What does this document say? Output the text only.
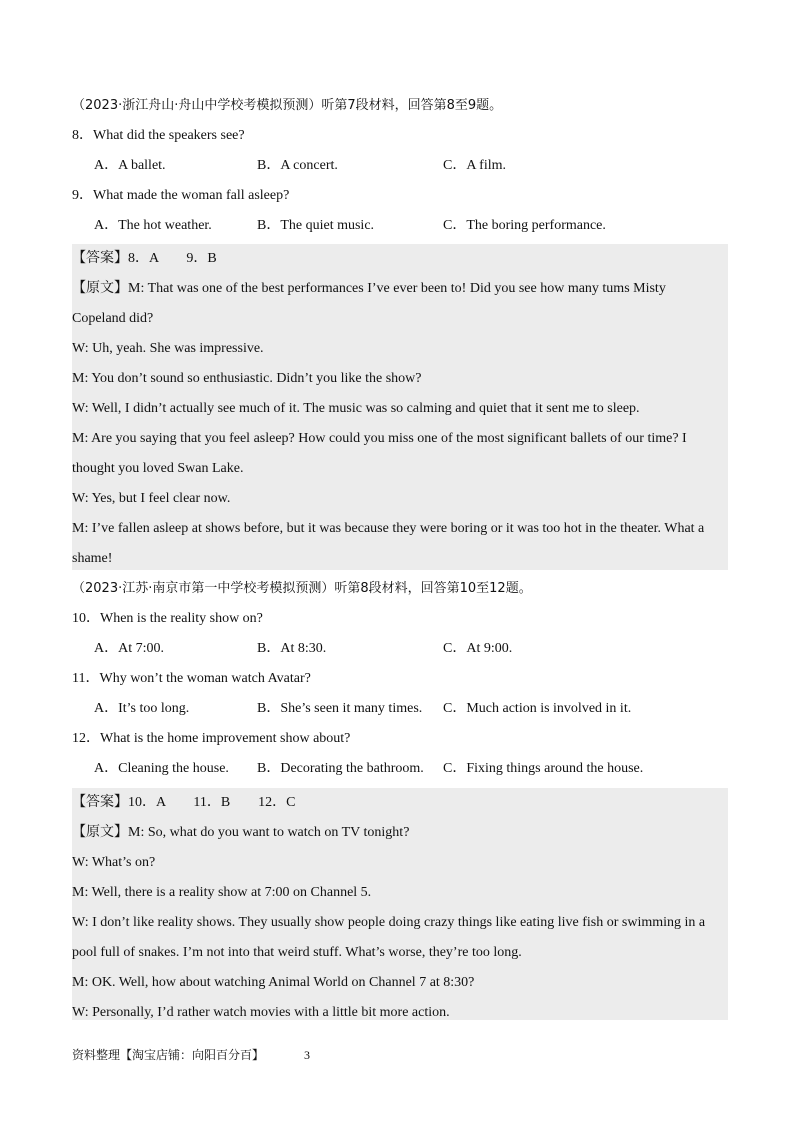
（2023·浙江舟山·舟山中学校考模拟预测）听第7段材料，回答第8至9题。
8．What did the speakers see?
A．A ballet.	B．A concert.	C．A film.
9．What made the woman fall asleep?
A．The hot weather.	B．The quiet music.	C．The boring performance.

【答案】8．A　　9．B

【原文】M: That was one of the best performances I’ve ever been to! Did you see how many tums Misty

Copeland did?

W: Uh, yeah. She was impressive.

M: You don’t sound so enthusiastic. Didn’t you like the show?

W: Well, I didn’t actually see much of it. The music was so calming and quiet that it sent me to sleep.

M: Are you saying that you feel asleep? How could you miss one of the most significant ballets of our time? I

thought you loved Swan Lake.

W: Yes, but I feel clear now.

M: I’ve fallen asleep at shows before, but it was because they were boring or it was too hot in the theater. What a

shame!

（2023·江苏·南京市第一中学校考模拟预测）听第8段材料，回答第10至12题。
10．When is the reality show on?
A．At 7:00.	B．At 8:30.	C．At 9:00.
11．Why won’t the woman watch Avatar?
A．It’s too long.	B．She’s seen it many times. C．Much action is involved in it.
12．What is the home improvement show about?
A．Cleaning the house. B．Decorating the bathroom. C．Fixing things around the house.

【答案】10．A　　11．B　　12．C

【原文】M: So, what do you want to watch on TV tonight?

W: What’s on?

M: Well, there is a reality show at 7:00 on Channel 5.

W: I don’t like reality shows. They usually show people doing crazy things like eating live fish or swimming in a

pool full of snakes. I’m not into that weird stuff. What’s worse, they’re too long.

M: OK. Well, how about watching Animal World on Channel 7 at 8:30?

W: Personally, I’d rather watch movies with a little bit more action.

资料整理【淘宝店铺：向阳百分百】	3
